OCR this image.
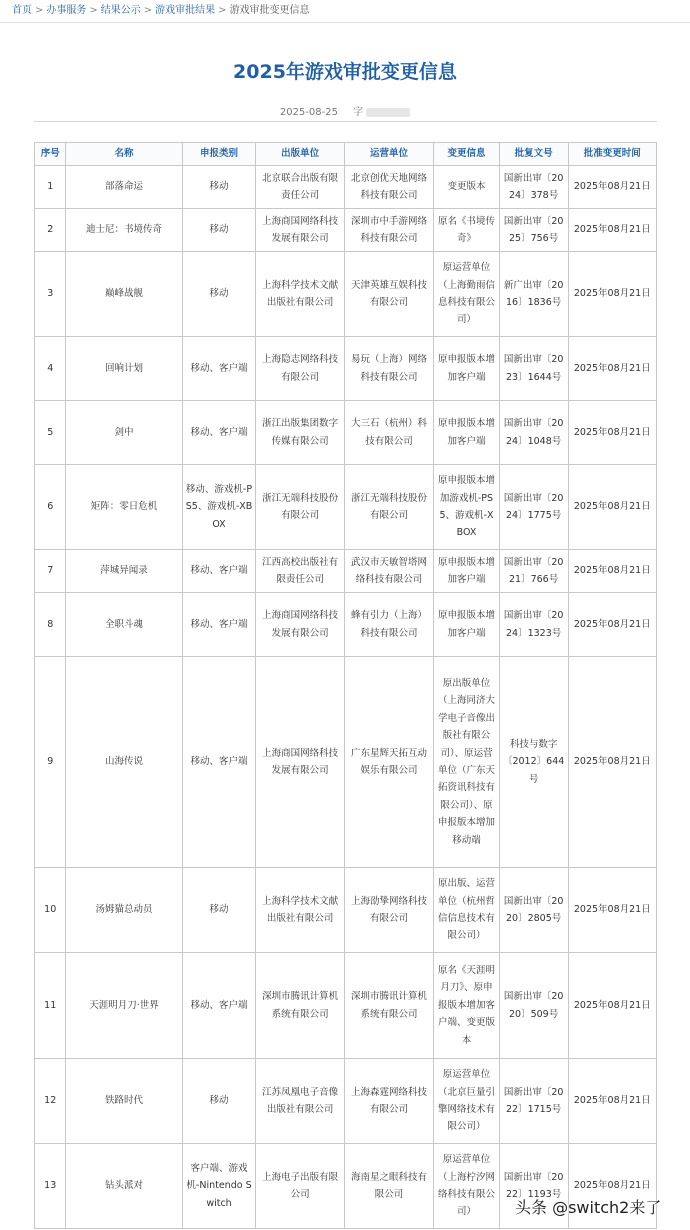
首页 > 办事服务 > 结果公示 > 游戏审批结果 > 游戏审批变更信息
2025年游戏审批变更信息
2025-08-25 字
序号	名称	申报类别	出版单位	运营单位	变更信息	批复文号	批准变更时间
1	部落命运	移动	北京联合出版有限责任公司	北京创优天地网络科技有限公司	变更版本	国新出审〔2024〕378号	2025年08月21日
2	迪士尼：书境传奇	移动	上海商国网络科技发展有限公司	深圳市中手游网络科技有限公司	原名《书境传奇》	国新出审〔2025〕756号	2025年08月21日
3	巅峰战舰	移动	上海科学技术文献出版社有限公司	天津英雄互娱科技有限公司	原运营单位（上海勤雨信息科技有限公司）	新广出审〔2016〕1836号	2025年08月21日
4	回响计划	移动、客户端	上海隐志网络科技有限公司	易玩（上海）网络科技有限公司	原申报版本增加客户端	国新出审〔2023〕1644号	2025年08月21日
5	剑中	移动、客户端	浙江出版集团数字传媒有限公司	大三石（杭州）科技有限公司	原申报版本增加客户端	国新出审〔2024〕1048号	2025年08月21日
6	矩阵：零日危机	移动、游戏机-PS5、游戏机-XBOX	浙江无端科技股份有限公司	浙江无端科技股份有限公司	原申报版本增加游戏机-PS5、游戏机-XBOX	国新出审〔2024〕1775号	2025年08月21日
7	萍城异闻录	移动、客户端	江西高校出版社有限责任公司	武汉市天敏智塔网络科技有限公司	原申报版本增加客户端	国新出审〔2021〕766号	2025年08月21日
8	全职斗魂	移动、客户端	上海商国网络科技发展有限公司	蜂有引力（上海）科技有限公司	原申报版本增加客户端	国新出审〔2024〕1323号	2025年08月21日
9	山海传说	移动、客户端	上海商国网络科技发展有限公司	广东星辉天拓互动娱乐有限公司	原出版单位（上海同济大学电子音像出版社有限公司）、原运营单位（广东天拓资讯科技有限公司）、原申报版本增加移动端	科技与数字〔2012〕644号	2025年08月21日
10	汤姆猫总动员	移动	上海科学技术文献出版社有限公司	上海劭挚网络科技有限公司	原出版、运营单位（杭州哲信信息技术有限公司）	国新出审〔2020〕2805号	2025年08月21日
11	天涯明月刀·世界	移动、客户端	深圳市腾讯计算机系统有限公司	深圳市腾讯计算机系统有限公司	原名《天涯明月刀》、原申报版本增加客户端、变更版本	国新出审〔2020〕509号	2025年08月21日
12	铁路时代	移动	江苏凤凰电子音像出版社有限公司	上海森霆网络科技有限公司	原运营单位（北京巨量引擎网络技术有限公司）	国新出审〔2022〕1715号	2025年08月21日
13	钻头派对	客户端、游戏机-Nintendo Switch	上海电子出版有限公司	海南星之眼科技有限公司	原运营单位（上海柠汐网络科技有限公司）	国新出审〔2022〕1193号	2025年08月21日
头条 @switch2来了
